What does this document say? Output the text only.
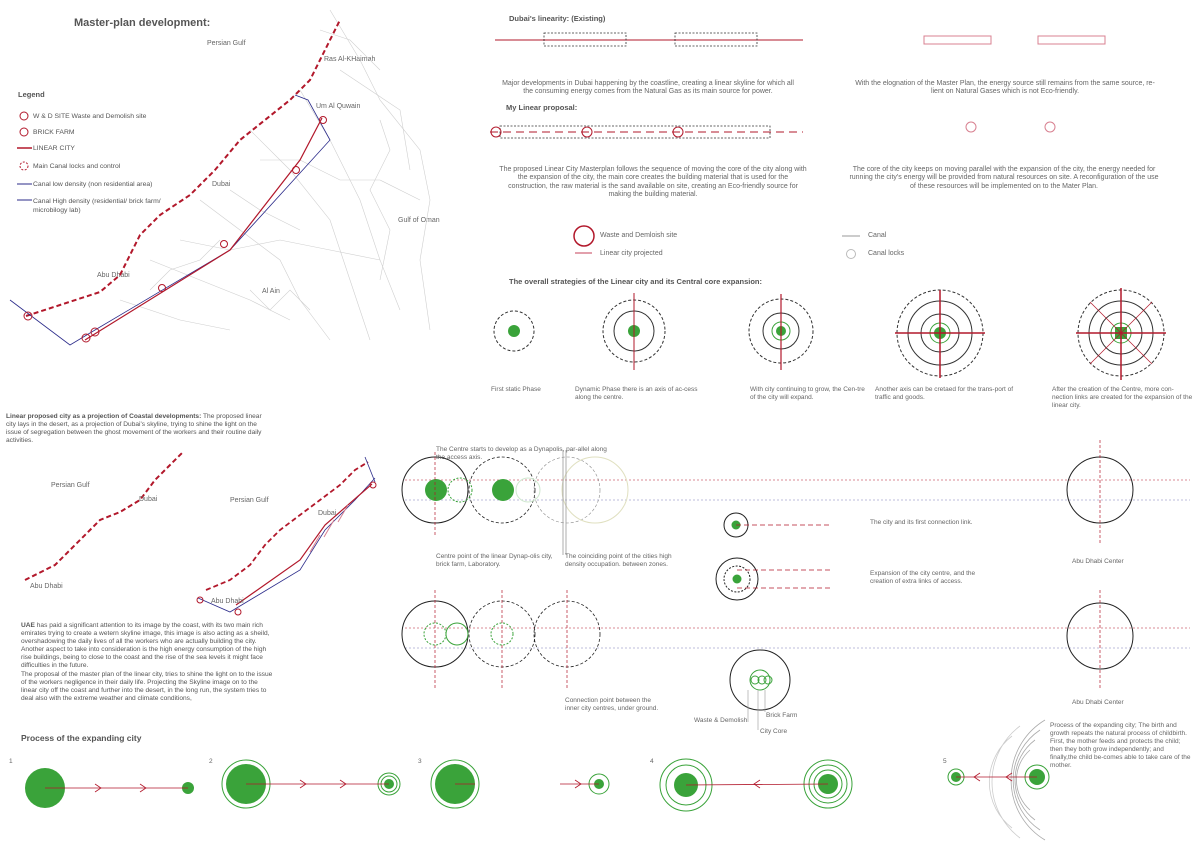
Master-plan development:
Persian Gulf
Gulf of Oman
Ras Al-KHaimah
Um Al Quwain
Dubai
Abu Dhabi
Al Ain
Legend
W & D SITE Waste and Demolish site
BRICK FARM
LINEAR CITY
Main Canal locks and control
Canal low density (non residential area)
Canal High density (residential/ brick farm/ microbilogy lab)
Dubai's linearity: (Existing)
Major developments in Dubai happening by the coastline, creating a linear skyline for which all the consuming energy comes from the Natural Gas as its main source for power.
With the elognation of the Master Plan, the energy source still remains from the same source, re-lient on Natural Gases which is not Eco-friendly.
My Linear proposal:
The proposed Linear City Masterplan follows the sequence of moving the core of the city along with the expansion of the city, the main core creates the building material that is used for the construction, the raw material is the sand available on site, creating an Eco-friendly source for making the building material.
The core of the city keeps on moving parallel with the expansion of the city, the energy needed for running the city's energy will be provided from natural resources on site. A reconfiguration of the use of these resources will be implemented on to the Mater Plan.
Waste and Demloish site
Linear city projected
Canal
Canal locks
The overall strategies of the Linear city and its Central core expansion:
First static Phase	Dynamic Phase there is an axis of ac-cess along the centre.
With city continuing to grow, the Cen-tre of the city will expand.
Another axis can be cretaed for the trans-port of traffic and goods.
After the creation of the Centre, more con-nection links are created for the expansion of the linear city.
Linear proposed city as a projection of Coastal developments: The proposed linear city lays in the desert, as a projection of Dubai's skyline, trying to shine the light on the issue of segregation between the ghost movement of the workers and their routine daily activities.
Persian Gulf
Dubai
Abu Dhabi
Persian Gulf
Dubai
Abu Dhabi
UAE has paid a significant attention to its image by the coast, with its two main rich emirates trying to create a wetern skyline image, this image is also acting as a sheild, overshadowing the daily lives of all the workers who are actually building the city.
Another aspect to take into consideration is the high energy consumption of the high rise buildings, being to close to the coast and the rise of the sea levels it might face difficulties in the future.
The proposal of the master plan of the linear city, tries to shine the light on to the issue of the workers negligence in their daily life. Projecting the Skyline image on to the linear city off the coast and further into the desert, in the long run, the system tries to deal also with the extreme weather and climate conditions,
The Centre starts to develop as a Dynapolis, par-allel along the access axis.
Centre point of the linear Dynap-olis city, brick farm, Laboratory.
The coinciding point of the cities high density occupation. between zones.
Connection point between the inner city centres, under ground.
The city and its first connection link.
Expansion of the city centre, and the creation of extra links of access.
Abu Dhabi Center
Abu Dhabi Center
Waste & Demolish
Brick Farm
City Core
Process of the expanding city
1	2	3	4	5
Process of the expanding city; The birth and growth repeats the natural process of childbirth. First, the mother feeds and protects the child; then they both grow independently; and finally,the child be-comes able to take care of the mother.
